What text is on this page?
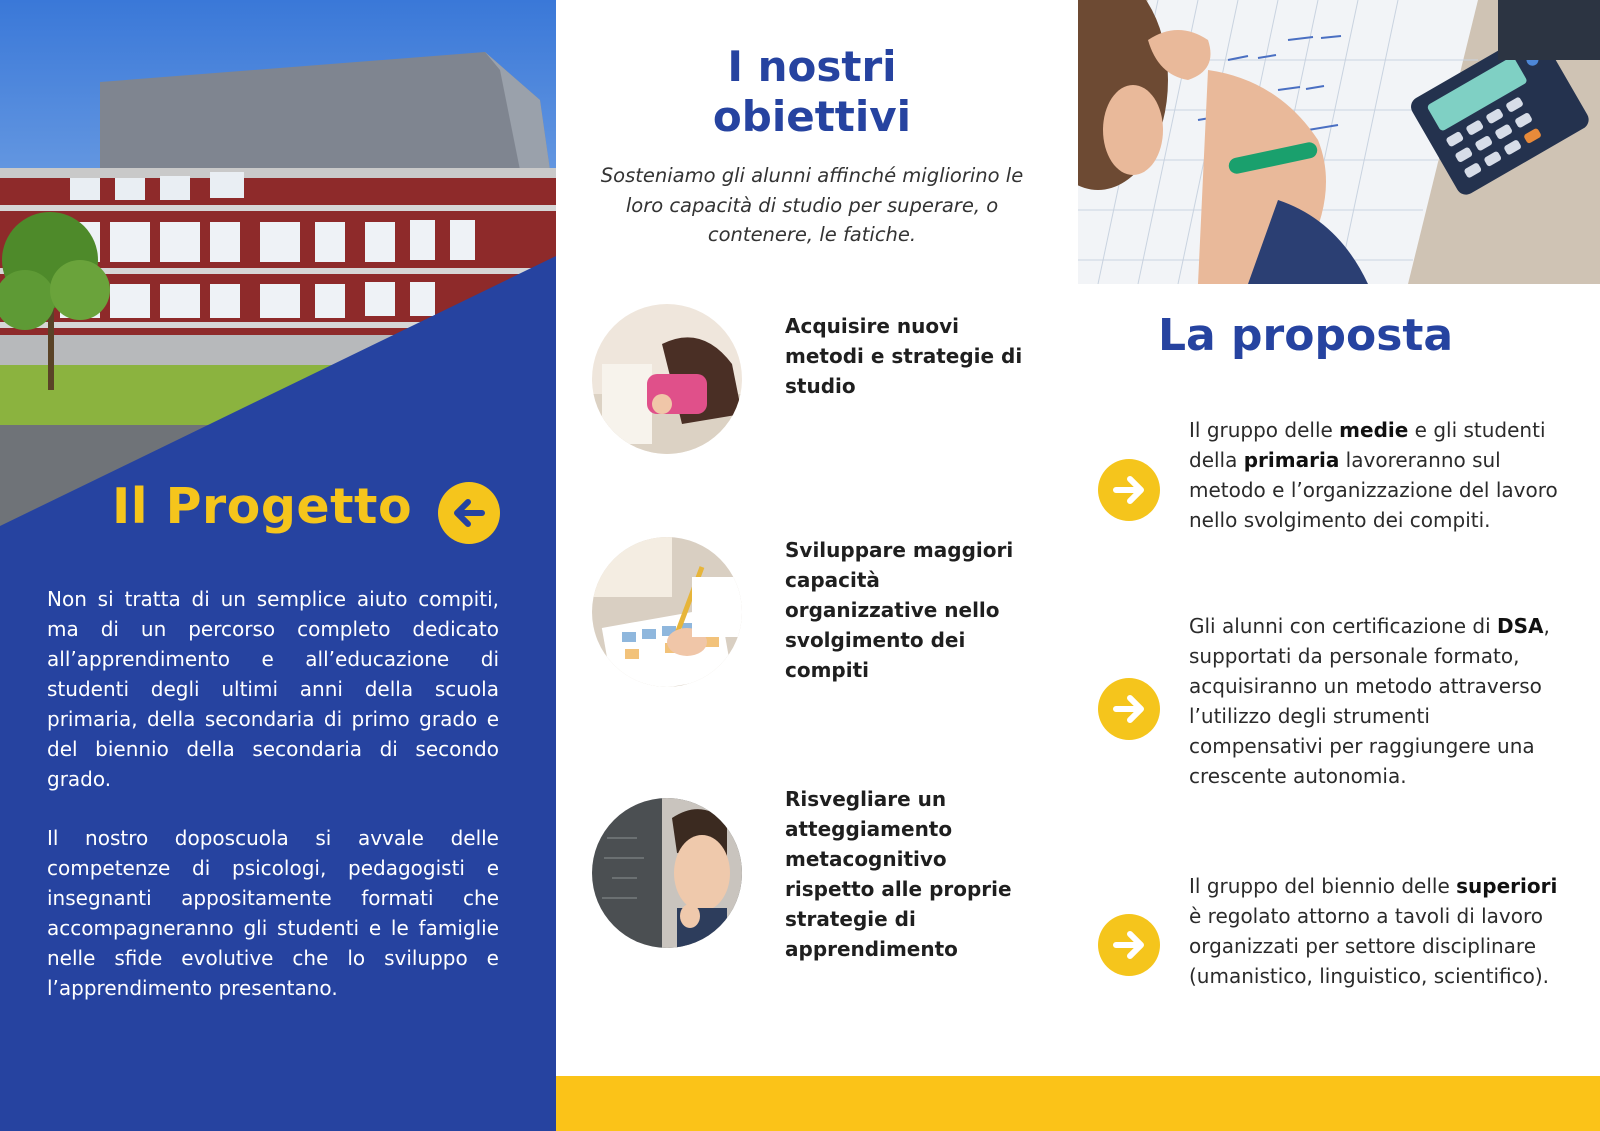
Il Progetto

Non si tratta di un semplice aiuto compiti, ma di un percorso completo dedicato all’apprendimento e all’educazione di studenti degli ultimi anni della scuola primaria, della secondaria di primo grado e del biennio della secondaria di secondo grado.

Il nostro doposcuola si avvale delle competenze di psicologi, pedagogisti e insegnanti appositamente formati che accompagneranno gli studenti e le famiglie nelle sfide evolutive che lo sviluppo e l’apprendimento presentano.

I nostri obiettivi

Sosteniamo gli alunni affinché migliorino le loro capacità di studio per superare, o contenere, le fatiche.

Acquisire nuovi metodi e strategie di studio

Sviluppare maggiori capacità organizzative nello svolgimento dei compiti

Risvegliare un atteggiamento metacognitivo rispetto alle proprie strategie di apprendimento

La proposta

Il gruppo delle medie e gli studenti della primaria lavoreranno sul metodo e l’organizzazione del lavoro nello svolgimento dei compiti.

Gli alunni con certificazione di DSA, supportati da personale formato, acquisiranno un metodo attraverso l’utilizzo degli strumenti compensativi per raggiungere una crescente autonomia.

Il gruppo del biennio delle superiori è regolato attorno a tavoli di lavoro organizzati per settore disciplinare (umanistico, linguistico, scientifico).
